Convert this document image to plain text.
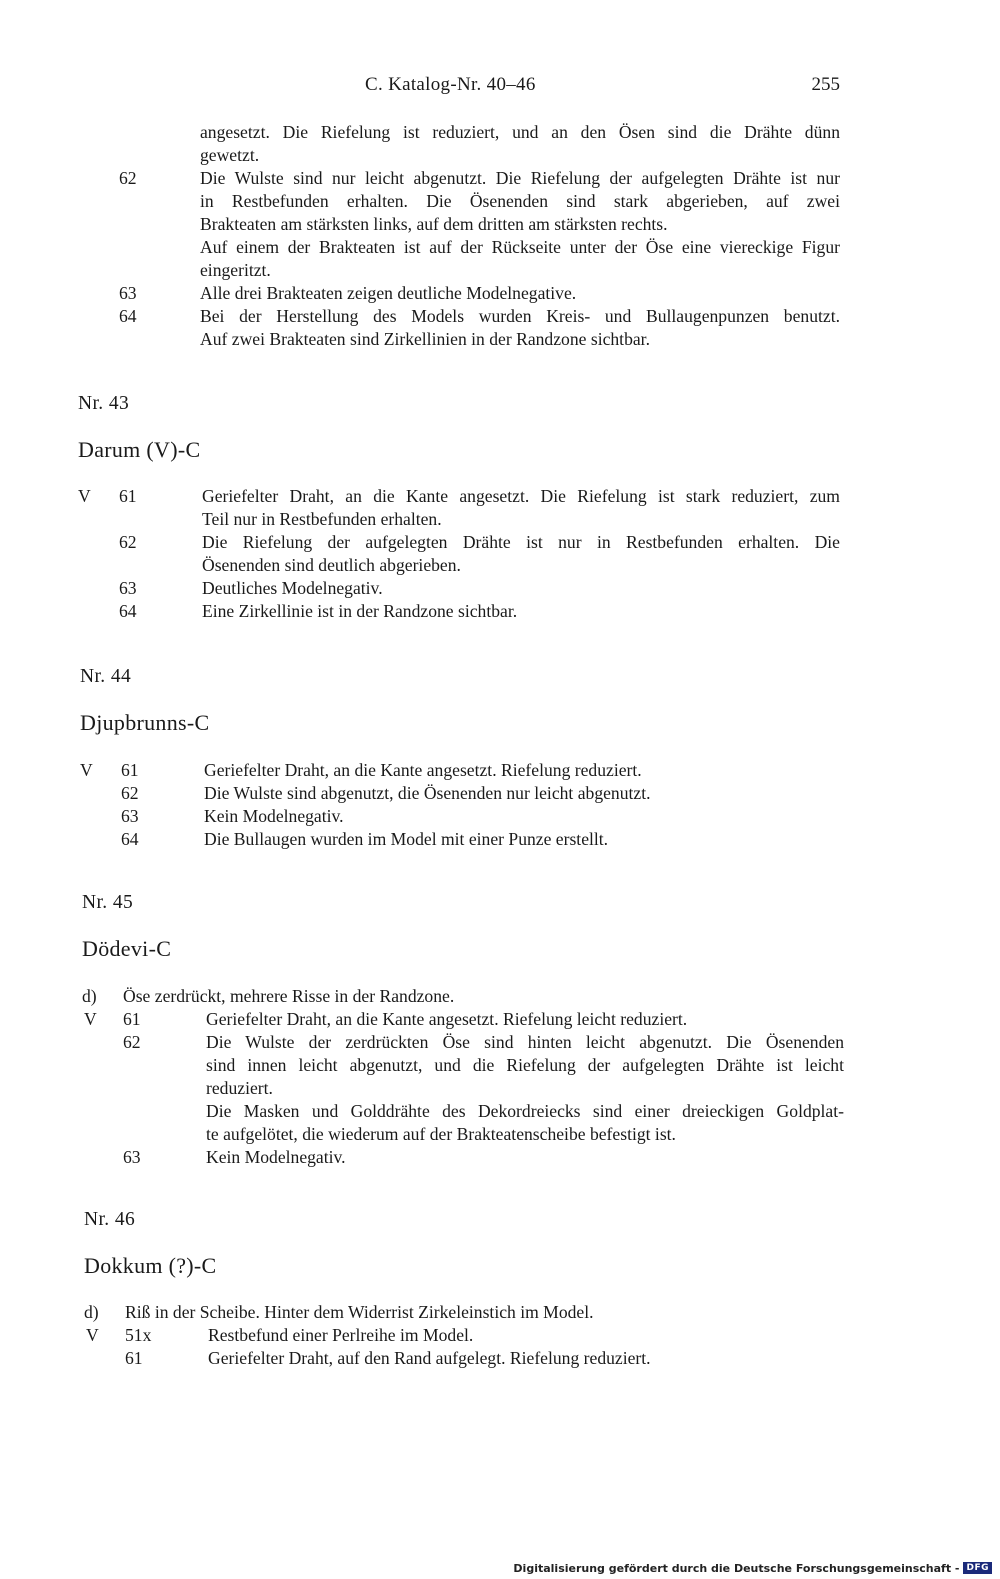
C. Katalog-Nr. 40–46	255
angesetzt. Die Riefelung ist reduziert, und an den Ösen sind die Drähte dünn
gewetzt.
62	Die Wulste sind nur leicht abgenutzt. Die Riefelung der aufgelegten Drähte ist nur
in Restbefunden erhalten. Die Ösenenden sind stark abgerieben, auf zwei
Brakteaten am stärksten links, auf dem dritten am stärksten rechts.
Auf einem der Brakteaten ist auf der Rückseite unter der Öse eine viereckige Figur
eingeritzt.
63	Alle drei Brakteaten zeigen deutliche Modelnegative.
64	Bei der Herstellung des Models wurden Kreis- und Bullaugenpunzen benutzt.
Auf zwei Brakteaten sind Zirkellinien in der Randzone sichtbar.
Nr. 43
Darum (V)-C
V	61	Geriefelter Draht, an die Kante angesetzt. Die Riefelung ist stark reduziert, zum
Teil nur in Restbefunden erhalten.
62	Die Riefelung der aufgelegten Drähte ist nur in Restbefunden erhalten. Die
Ösenenden sind deutlich abgerieben.
63	Deutliches Modelnegativ.
64	Eine Zirkellinie ist in der Randzone sichtbar.
Nr. 44
Djupbrunns-C
V	61	Geriefelter Draht, an die Kante angesetzt. Riefelung reduziert.
62	Die Wulste sind abgenutzt, die Ösenenden nur leicht abgenutzt.
63	Kein Modelnegativ.
64	Die Bullaugen wurden im Model mit einer Punze erstellt.
Nr. 45
Dödevi-C
d)	Öse zerdrückt, mehrere Risse in der Randzone.
V	61	Geriefelter Draht, an die Kante angesetzt. Riefelung leicht reduziert.
62	Die Wulste der zerdrückten Öse sind hinten leicht abgenutzt. Die Ösenenden
sind innen leicht abgenutzt, und die Riefelung der aufgelegten Drähte ist leicht
reduziert.
Die Masken und Golddrähte des Dekordreiecks sind einer dreieckigen Goldplat-
te aufgelötet, die wiederum auf der Brakteatenscheibe befestigt ist.
63	Kein Modelnegativ.
Nr. 46
Dokkum (?)-C
d)	Riß in der Scheibe. Hinter dem Widerrist Zirkeleinstich im Model.
V	51x	Restbefund einer Perlreihe im Model.
61	Geriefelter Draht, auf den Rand aufgelegt. Riefelung reduziert.
Digitalisierung gefördert durch die Deutsche Forschungsgemeinschaft - DFG
